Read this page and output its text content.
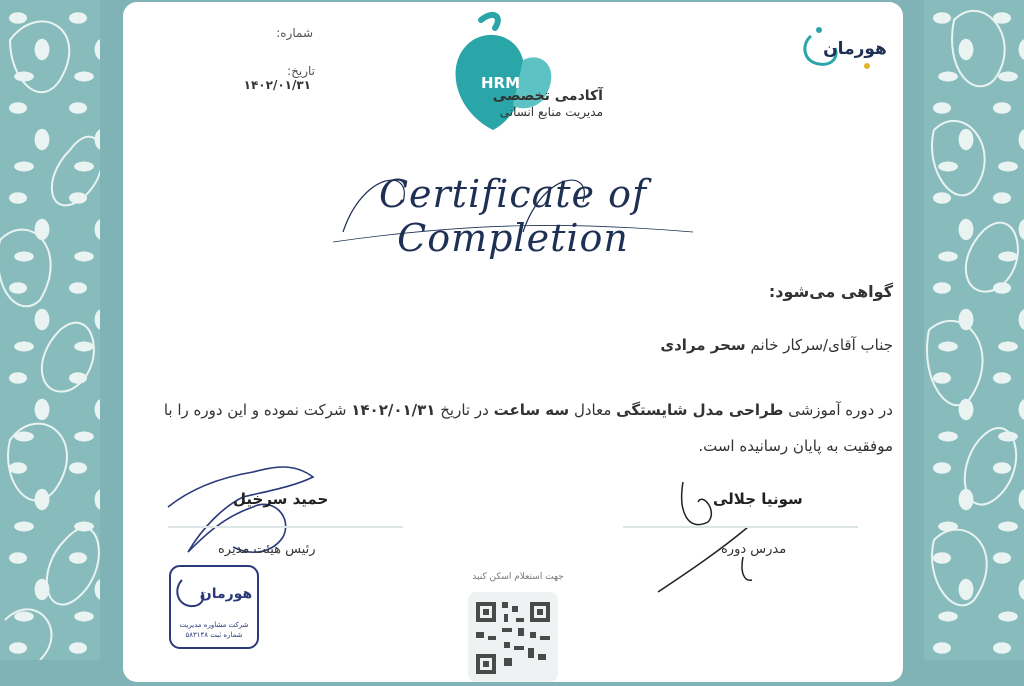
شماره:
تاریخ: ۱۴۰۲/۰۱/۳۱
هورمان
HRM
آکادمی تخصصی
مدیریت منابع انسانی
Certificate of Completion
گواهی می‌شود:
جناب آقای/سرکار خانم سحر مرادی
در دوره آموزشی طراحی مدل شایستگی معادل سه ساعت در تاریخ ۱۴۰۲/۰۱/۳۱ شرکت نموده و این دوره را با موفقیت به پایان رسانیده است.
حمید سرخیل
رئیس هیئت مدیره
هورمان
شرکت مشاوره مدیریت
شماره ثبت ۵۸۳۱۴۸
جهت استعلام اسکن کنید
سونیا جلالی
مدرس دوره
